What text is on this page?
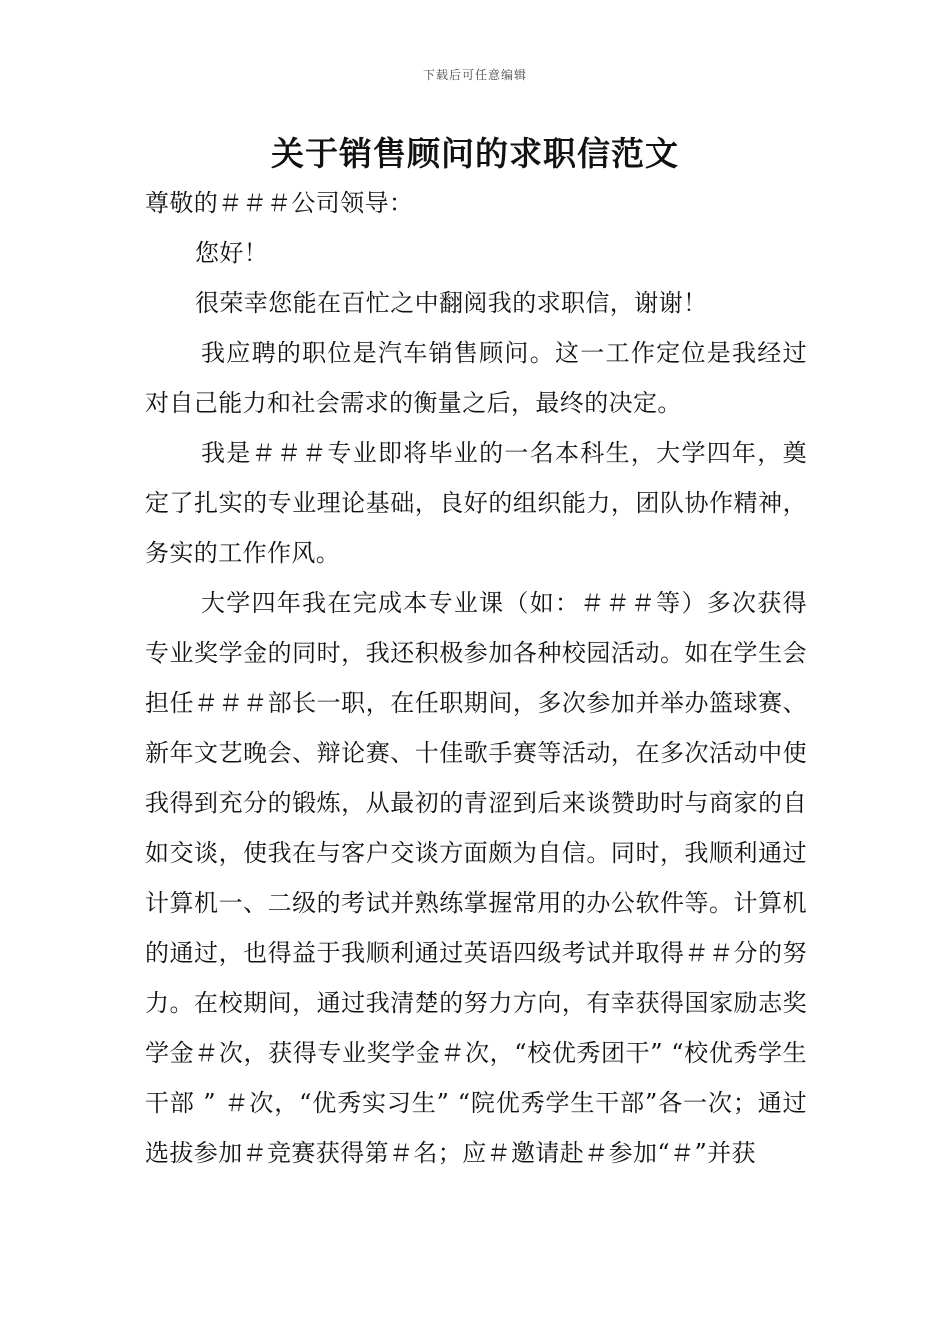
下载后可任意编辑
关于销售顾问的求职信范文

尊敬的＃＃＃公司领导：

您好！

很荣幸您能在百忙之中翻阅我的求职信，谢谢！

我应聘的职位是汽车销售顾问。这一工作定位是我经过对自己能力和社会需求的衡量之后，最终的决定。

我是＃＃＃专业即将毕业的一名本科生，大学四年，奠定了扎实的专业理论基础，良好的组织能力，团队协作精神，务实的工作作风。

大学四年我在完成本专业课（如：＃＃＃等）多次获得专业奖学金的同时，我还积极参加各种校园活动。如在学生会担任＃＃＃部长一职，在任职期间，多次参加并举办篮球赛、新年文艺晚会、辩论赛、十佳歌手赛等活动，在多次活动中使我得到充分的锻炼，从最初的青涩到后来谈赞助时与商家的自如交谈，使我在与客户交谈方面颇为自信。同时，我顺利通过计算机一、二级的考试并熟练掌握常用的办公软件等。计算机的通过，也得益于我顺利通过英语四级考试并取得＃＃分的努力。在校期间，通过我清楚的努力方向，有幸获得国家励志奖学金＃次，获得专业奖学金＃次，“校优秀团干” “校优秀学生干部 ” ＃次，“优秀实习生” “院优秀学生干部”各一次；通过选拔参加＃竞赛获得第＃名；应＃邀请赴＃参加“＃”并获
